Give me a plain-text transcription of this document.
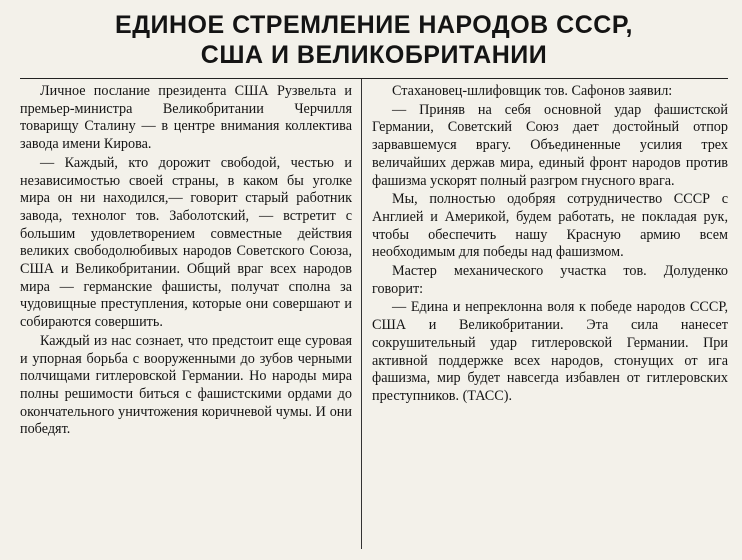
ЕДИНОЕ СТРЕМЛЕНИЕ НАРОДОВ СССР,
США И ВЕЛИКОБРИТАНИИ

Личное послание президента США Рузвельта и премьер-министра Великобритании Черчилля товарищу Сталину — в центре внимания коллектива завода имени Кирова.

— Каждый, кто дорожит свободой, честью и независимостью своей страны, в каком бы уголке мира он ни находился,— говорит старый работник завода, технолог тов. Заболотский, — встретит с большим удовлетворением совместные действия великих свободолюбивых народов Советского Союза, США и Великобритании. Общий враг всех народов мира — германские фашисты, получат сполна за чудовищные преступления, которые они совершают и собираются совершить.

Каждый из нас сознает, что предстоит еще суровая и упорная борьба с вооруженными до зубов черными полчищами гитлеровской Германии. Но народы мира полны решимости биться с фашистскими ордами до окончательного уничтожения коричневой чумы. И они победят.

Стахановец-шлифовщик тов. Сафонов заявил:

— Приняв на себя основной удар фашистской Германии, Советский Союз дает достойный отпор зарвавшемуся врагу. Объединенные усилия трех величайших держав мира, единый фронт народов против фашизма ускорят полный разгром гнусного врага.

Мы, полностью одобряя сотрудничество СССР с Англией и Америкой, будем работать, не покладая рук, чтобы обеспечить нашу Красную армию всем необходимым для победы над фашизмом.

Мастер механического участка тов. Долуденко говорит:

— Едина и непреклонна воля к победе народов СССР, США и Великобритании. Эта сила нанесет сокрушительный удар гитлеровской Германии. При активной поддержке всех народов, стонущих от ига фашизма, мир будет навсегда избавлен от гитлеровских преступников. (ТАСС).
